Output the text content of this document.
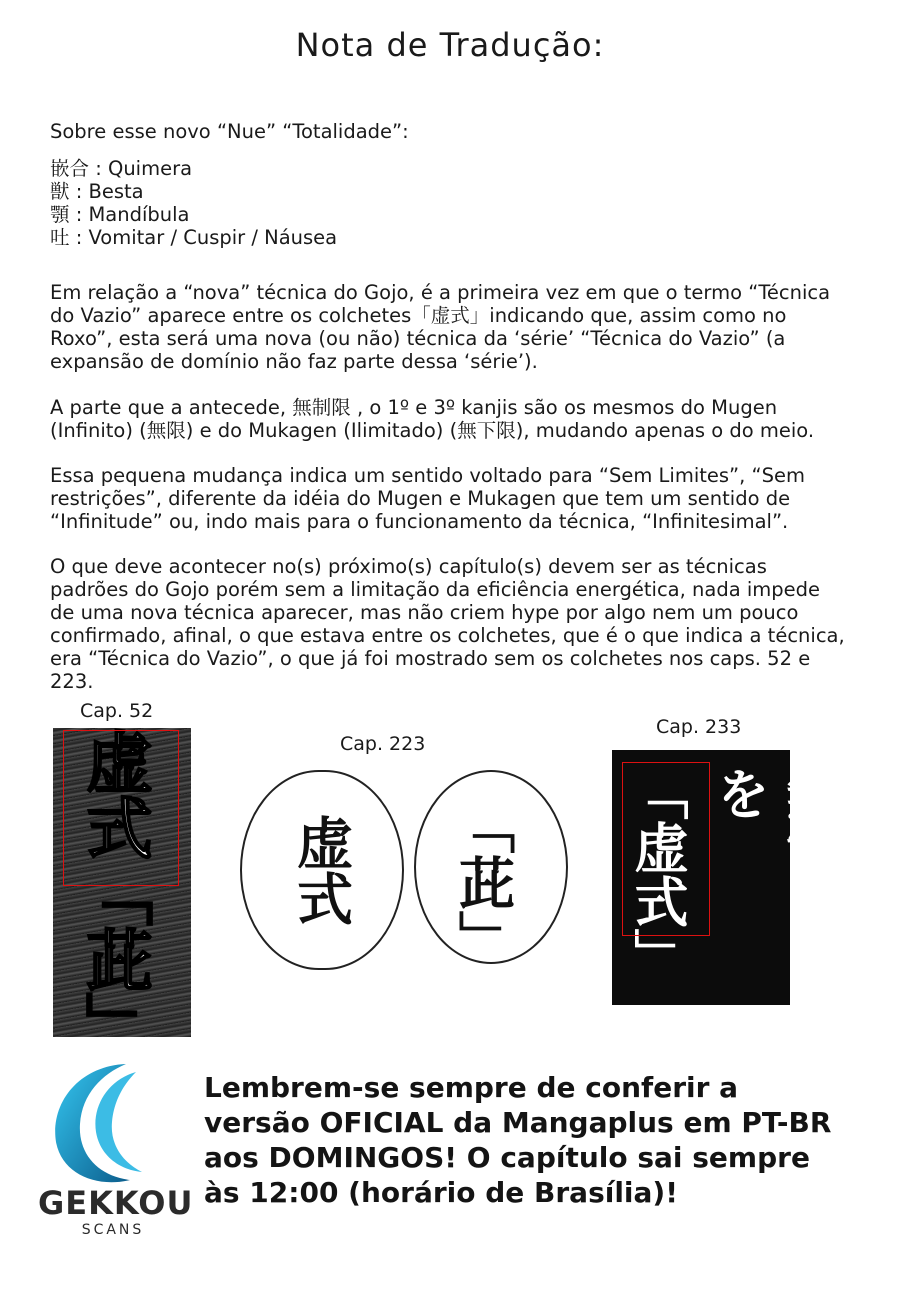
Nota de Tradução:
Sobre esse novo “Nue” “Totalidade”:
嵌合 : Quimera
獣 : Besta
顎 : Mandíbula
吐 : Vomitar / Cuspir / Náusea
Em relação a “nova” técnica do Gojo, é a primeira vez em que o termo “Técnica do Vazio” aparece entre os colchetes「虚式」indicando que, assim como no Roxo”, esta será uma nova (ou não) técnica da ‘série’ “Técnica do Vazio” (a expansão de domínio não faz parte dessa ‘série’).
A parte que a antecede, 無制限 , o 1º e 3º kanjis são os mesmos do Mugen (Infinito) (無限) e do Mukagen (Ilimitado) (無下限), mudando apenas o do meio.
Essa pequena mudança indica um sentido voltado para “Sem Limites”, “Sem restrições”, diferente da idéia do Mugen e Mukagen que tem um sentido de “Infinitude” ou, indo mais para o funcionamento da técnica, “Infinitesimal”.
O que deve acontecer no(s) próximo(s) capítulo(s) devem ser as técnicas padrões do Gojo porém sem a limitação da eficiência energética, nada impede de uma nova técnica aparecer, mas não criem hype por algo nem um pouco confirmado, afinal, o que estava entre os colchetes, que é o que indica a técnica, era “Técnica do Vazio”, o que já foi mostrado sem os colchetes nos caps. 52 e 223.
Cap. 52
Cap. 223
Cap. 233
虚式「茈」 虚式 「茈」 「虚式」	無制限のを
GEKKOU
SCANS
Lembrem-se sempre de conferir a versão OFICIAL da Mangaplus em PT-BR aos DOMINGOS! O capítulo sai sempre às 12:00 (horário de Brasília)!
